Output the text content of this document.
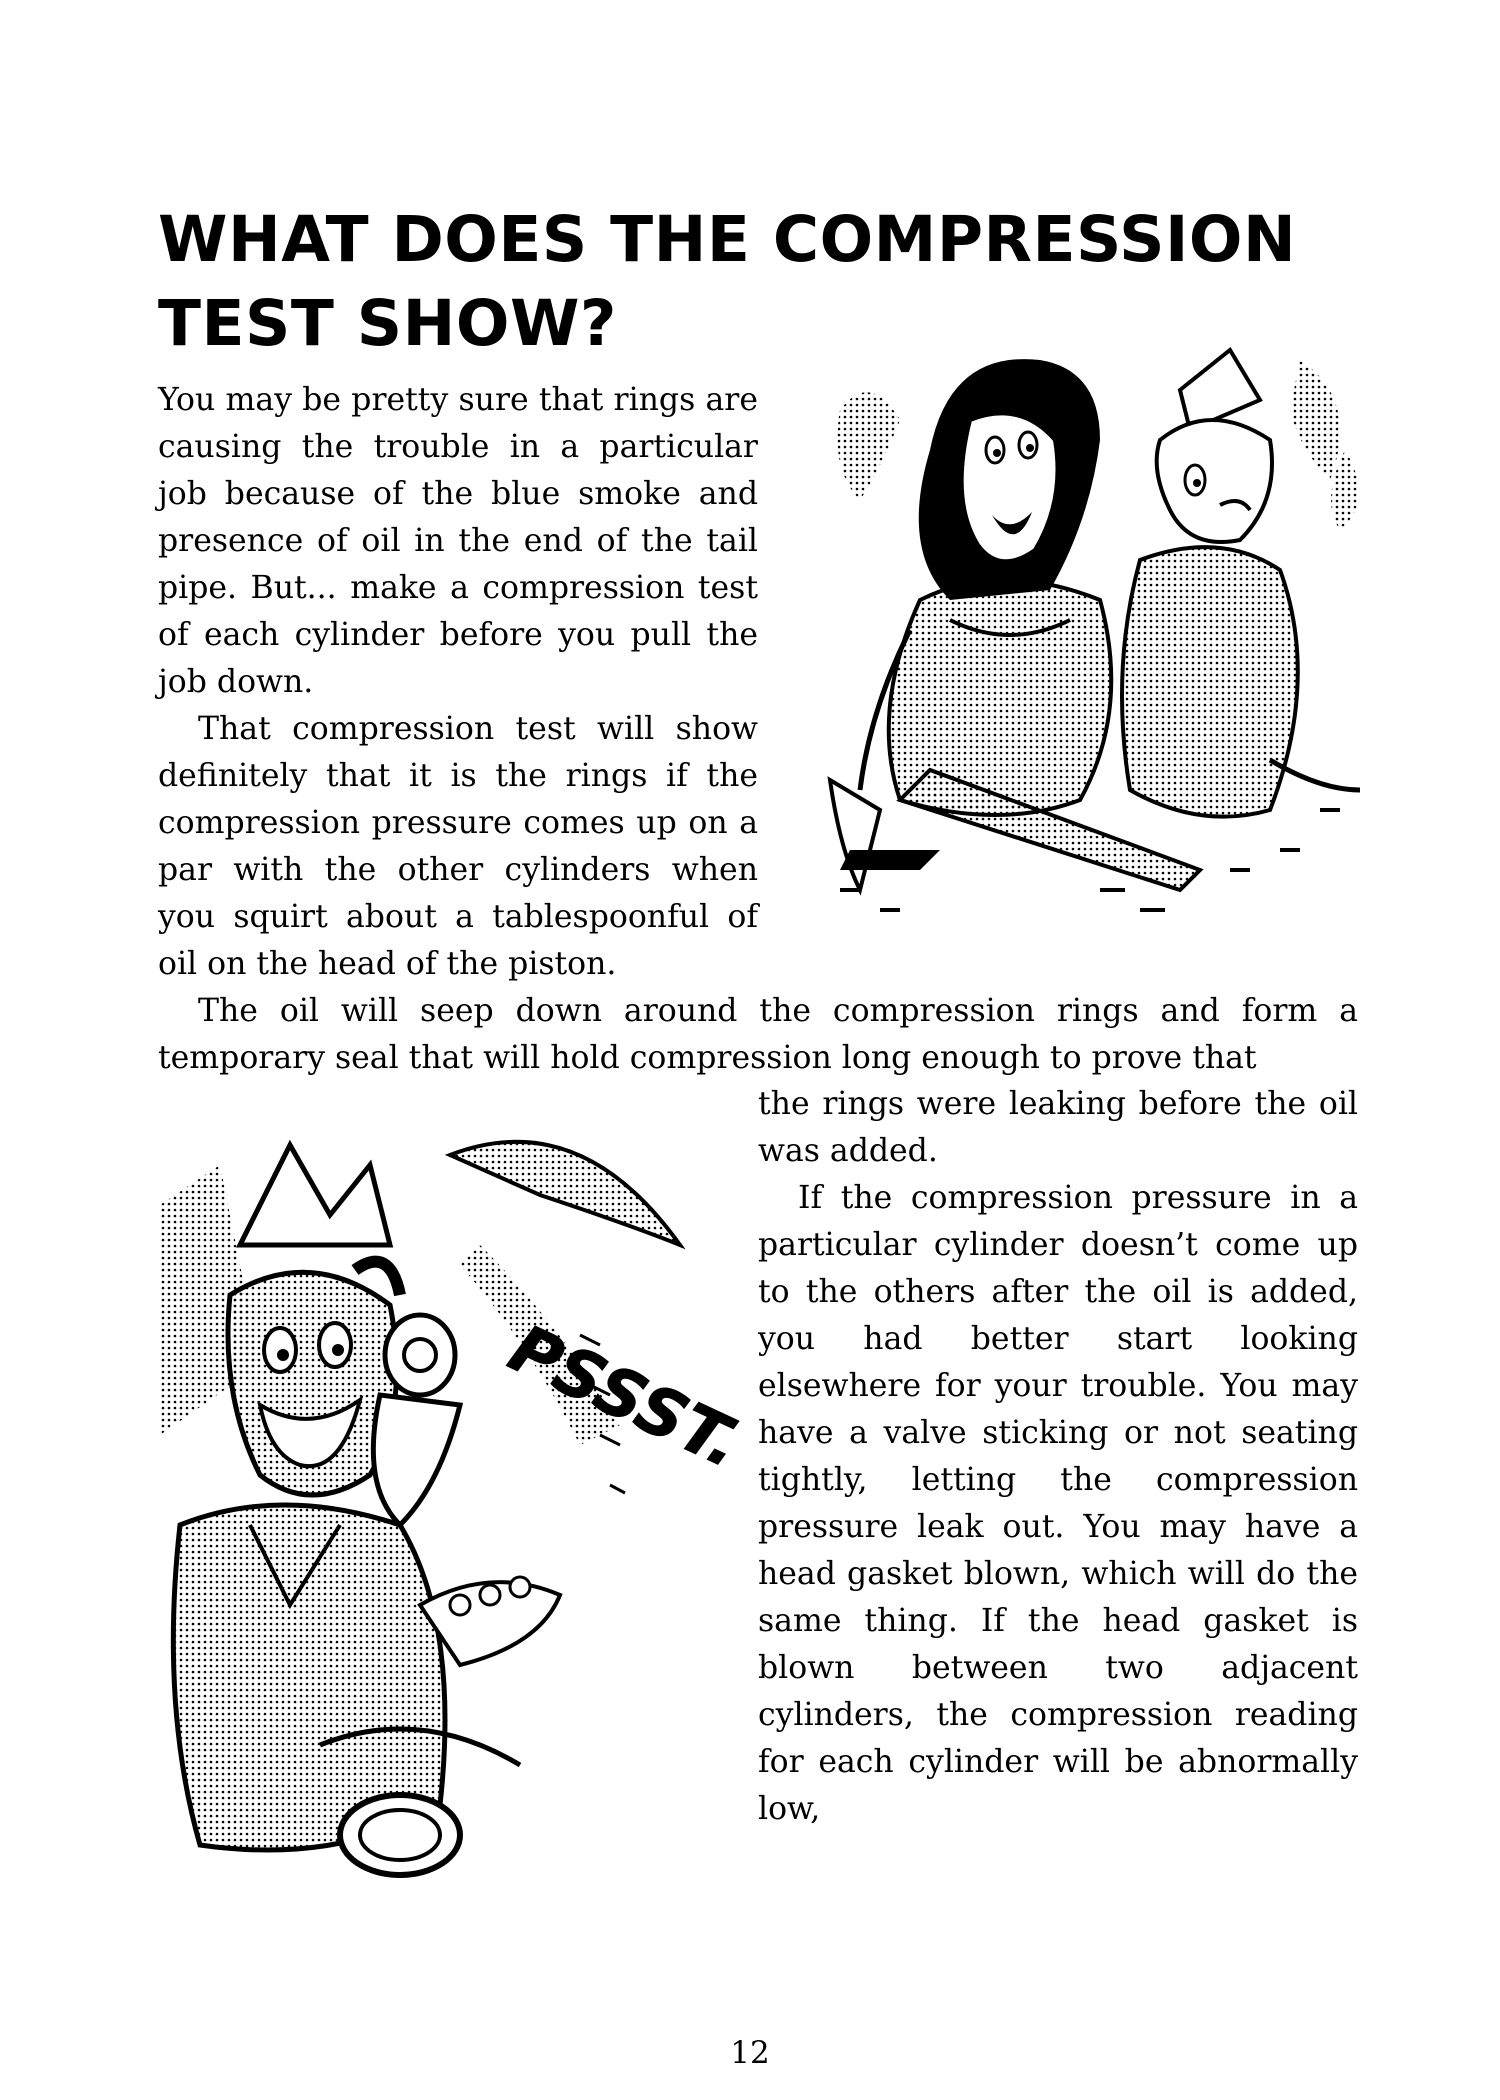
WHAT DOES THE COMPRESSION
TEST SHOW?

You may be pretty sure that rings are causing the trouble in a particular job because of the blue smoke and presence of oil in the end of the tail pipe. But... make a compression test of each cylinder before you pull the job down.

That compression test will show definitely that it is the rings if the compression pressure comes up on a par with the other cylinders when you squirt about a tablespoonful of oil on the head of the piston.

The oil will seep down around the compression rings and form a temporary seal that will hold compression long enough to prove that

PSSST.

the rings were leaking before the oil was added.

If the compression pressure in a particular cylinder doesn’t come up to the others after the oil is added, you had better start looking elsewhere for your trouble. You may have a valve sticking or not seating tightly, letting the compression pressure leak out. You may have a head gasket blown, which will do the same thing. If the head gasket is blown between two adjacent cylinders, the compression reading for each cylinder will be abnormally low,

12
